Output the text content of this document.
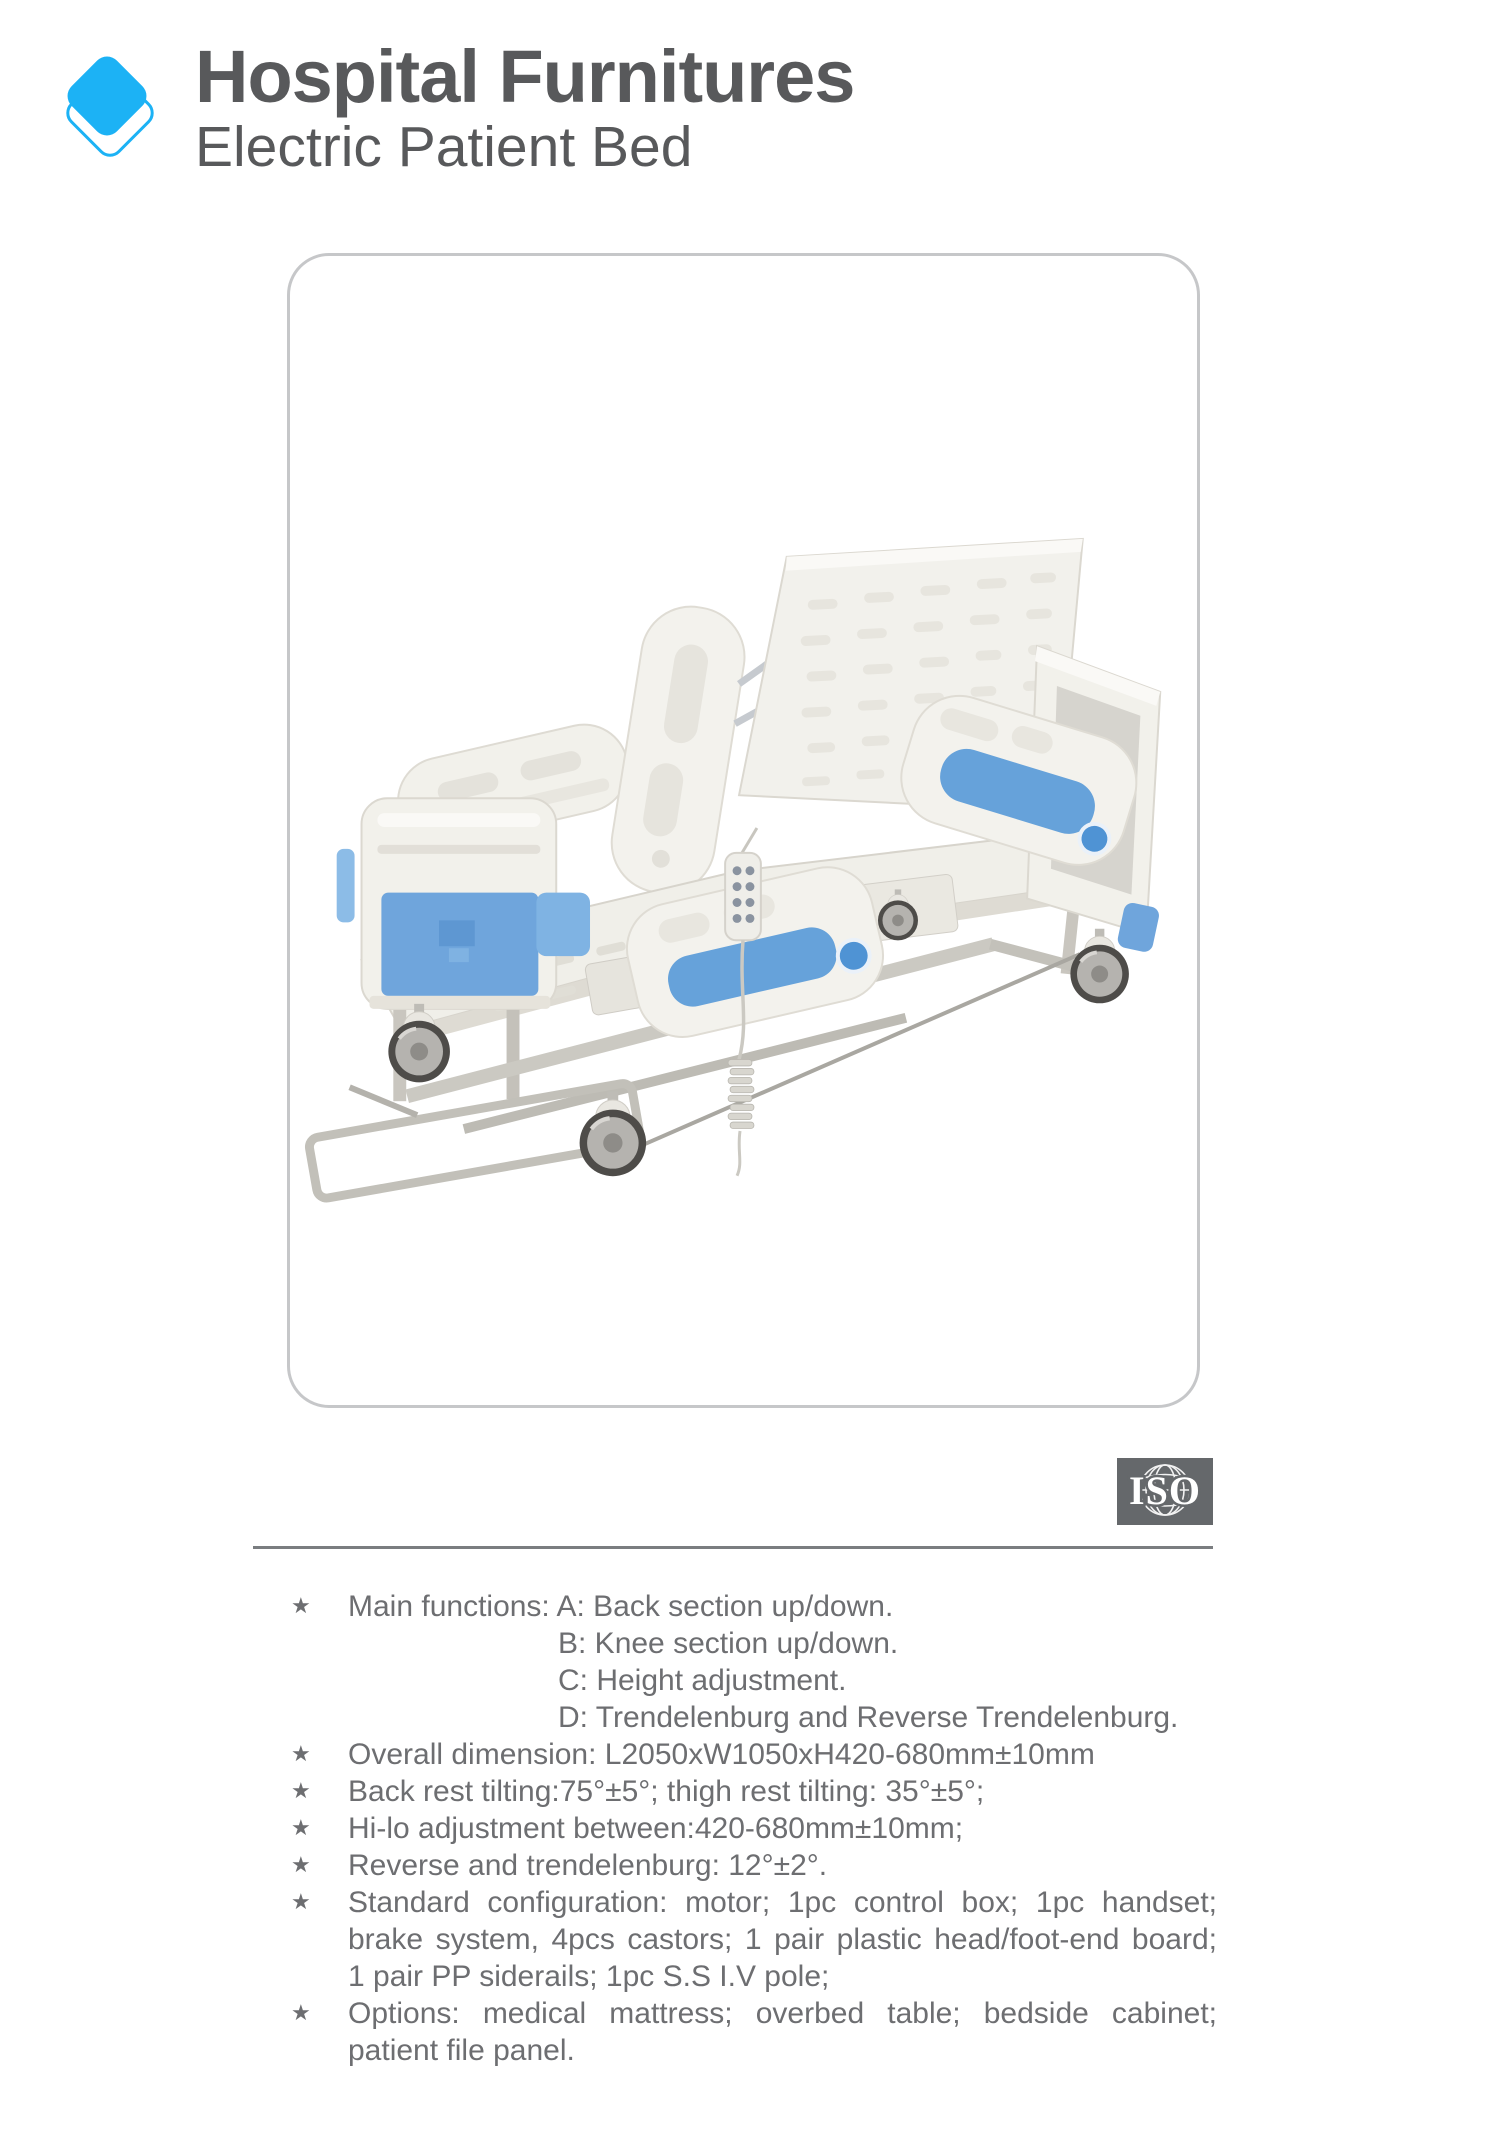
Hospital Furnitures
Electric Patient Bed
ISO
★	Main functions: A: Back section up/down.
B: Knee section up/down.
C: Height adjustment.
D: Trendelenburg and Reverse Trendelenburg.
★	Overall dimension: L2050xW1050xH420-680mm±10mm
★	Back rest tilting:75°±5°; thigh rest tilting: 35°±5°;
★	Hi-lo adjustment between:420-680mm±10mm;
★	Reverse and trendelenburg: 12°±2°.
★	Standard configuration: motor; 1pc control box; 1pc handset;
brake system, 4pcs castors; 1 pair plastic head/foot-end board;
1 pair PP siderails; 1pc S.S I.V pole;
★	Options: medical mattress; overbed table; bedside cabinet;
patient file panel.
